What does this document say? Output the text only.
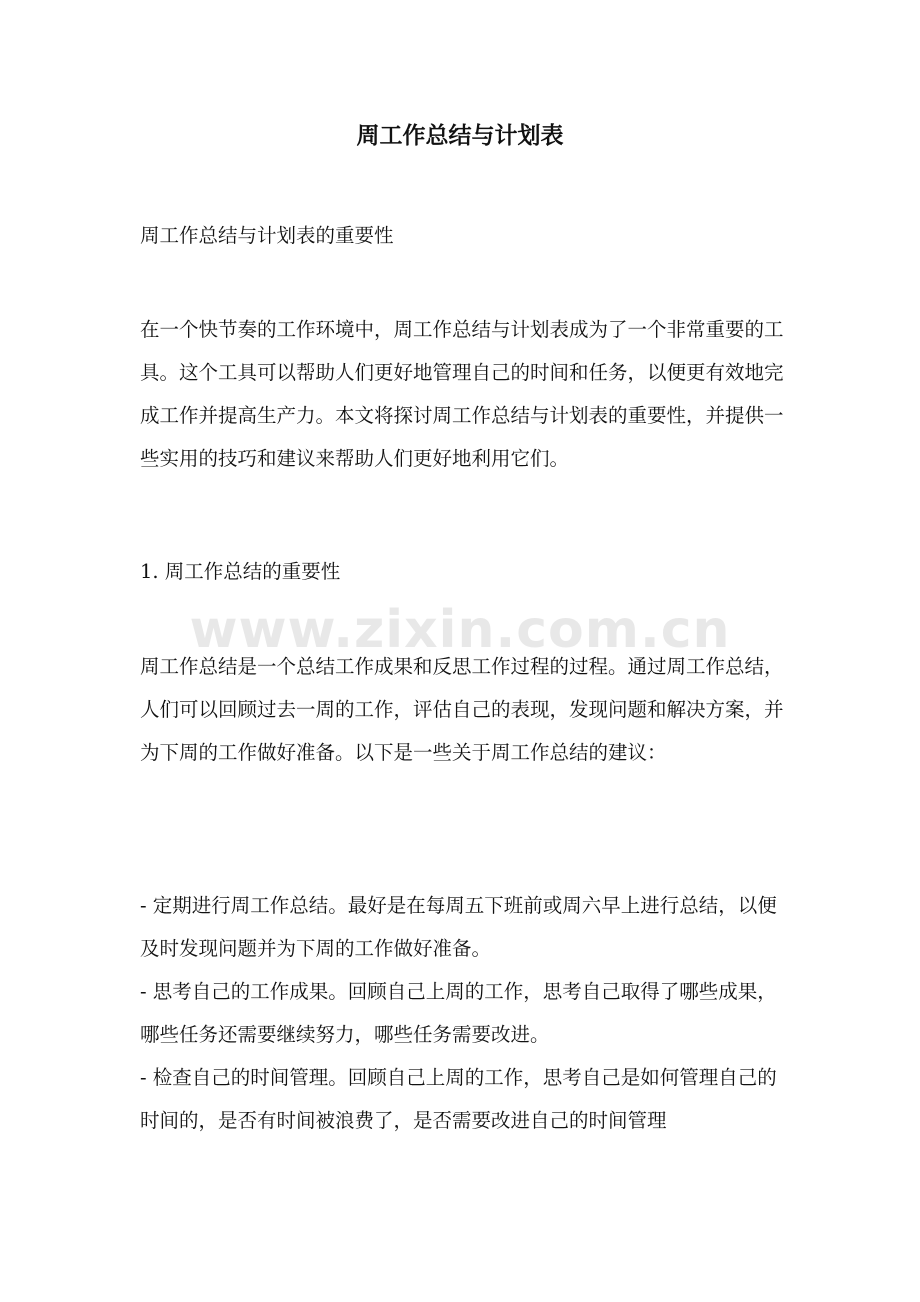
周工作总结与计划表
周工作总结与计划表的重要性

在一个快节奏的工作环境中，周工作总结与计划表成为了一个非常重要的工具。这个工具可以帮助人们更好地管理自己的时间和任务，以便更有效地完成工作并提高生产力。本文将探讨周工作总结与计划表的重要性，并提供一些实用的技巧和建议来帮助人们更好地利用它们。

1. 周工作总结的重要性

周工作总结是一个总结工作成果和反思工作过程的过程。通过周工作总结，人们可以回顾过去一周的工作，评估自己的表现，发现问题和解决方案，并为下周的工作做好准备。以下是一些关于周工作总结的建议：

- 定期进行周工作总结。最好是在每周五下班前或周六早上进行总结，以便及时发现问题并为下周的工作做好准备。

- 思考自己的工作成果。回顾自己上周的工作，思考自己取得了哪些成果，哪些任务还需要继续努力，哪些任务需要改进。

- 检查自己的时间管理。回顾自己上周的工作，思考自己是如何管理自己的时间的，是否有时间被浪费了，是否需要改进自己的时间管理

www.zixin.com.cn
